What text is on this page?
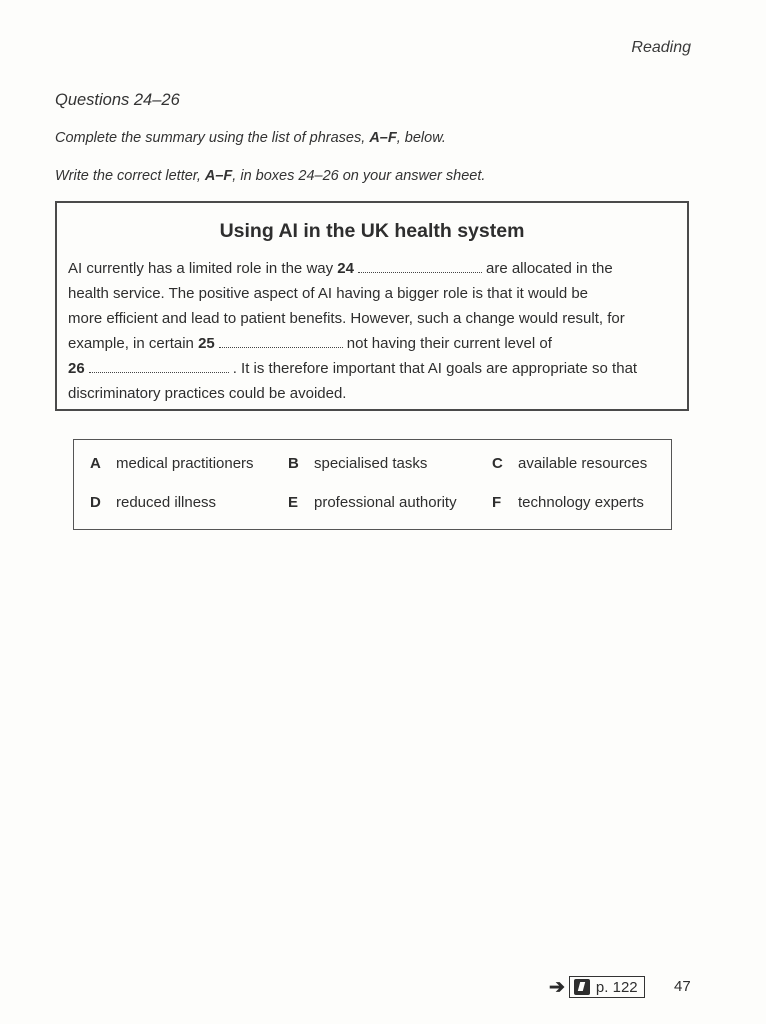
Reading
Questions 24–26
Complete the summary using the list of phrases, A–F, below.
Write the correct letter, A–F, in boxes 24–26 on your answer sheet.
Using AI in the UK health system
AI currently has a limited role in the way 24	are allocated in the
health service. The positive aspect of AI having a bigger role is that it would be
more efficient and lead to patient benefits. However, such a change would result, for
example, in certain 25	not having their current level of
26	. It is therefore important that AI goals are appropriate so that
discriminatory practices could be avoided.
A medical practitioners B specialised tasks	C available resources
D reduced illness	E professional authority F technology experts
➔ p. 122 47
